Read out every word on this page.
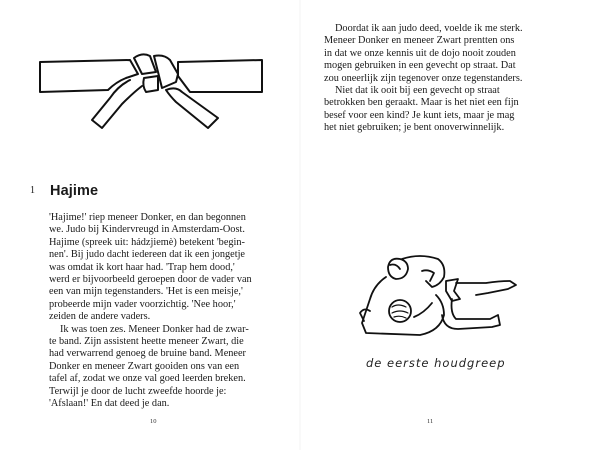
1 Hajime

'Hajime!' riep meneer Donker, en dan begonnen
we. Judo bij Kindervreugd in Amsterdam-Oost.
Hajime (spreek uit: hádzjiemè) betekent 'begin-
nen'. Bij judo dacht iedereen dat ik een jongetje
was omdat ik kort haar had. 'Trap hem dood,'
werd er bijvoorbeeld geroepen door de vader van
een van mijn tegenstanders. 'Het is een meisje,'
probeerde mijn vader voorzichtig. 'Nee hoor,'
zeiden de andere vaders.

Ik was toen zes. Meneer Donker had de zwar-
te band. Zijn assistent heette meneer Zwart, die
had verwarrend genoeg de bruine band. Meneer
Donker en meneer Zwart gooiden ons van een
tafel af, zodat we onze val goed leerden breken.
Terwijl je door de lucht zweefde hoorde je:
'Afslaan!' En dat deed je dan.

10

Doordat ik aan judo deed, voelde ik me sterk.
Meneer Donker en meneer Zwart prentten ons
in dat we onze kennis uit de dojo nooit zouden
mogen gebruiken in een gevecht op straat. Dat
zou oneerlijk zijn tegenover onze tegenstanders.

Niet dat ik ooit bij een gevecht op straat
betrokken ben geraakt. Maar is het niet een fijn
besef voor een kind? Je kunt iets, maar je mag
het niet gebruiken; je bent onoverwinnelijk.

de eerste houdgreep
11
